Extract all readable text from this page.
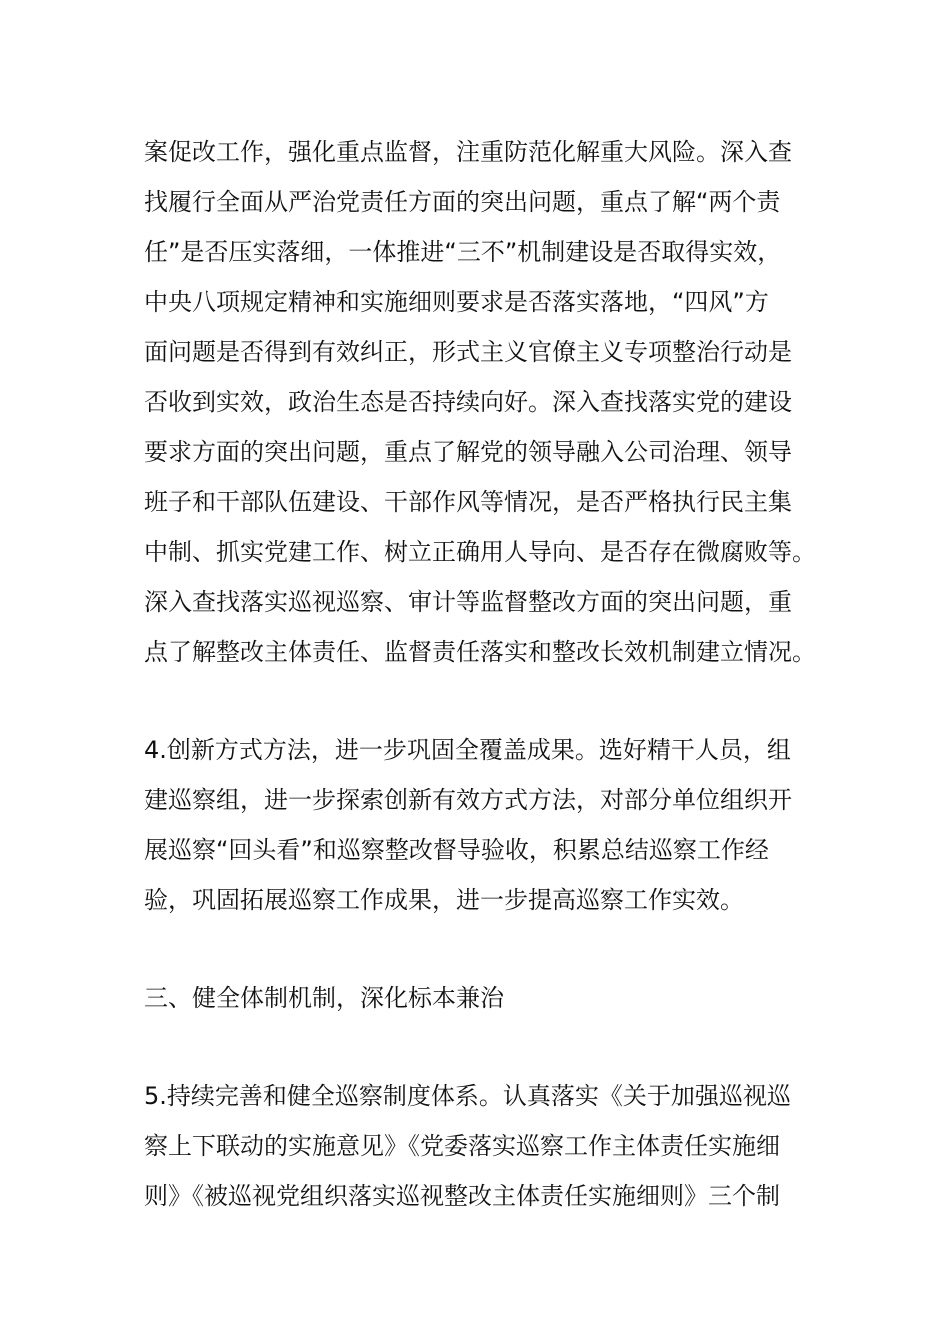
案促改工作，强化重点监督，注重防范化解重大风险。深入查
找履行全面从严治党责任方面的突出问题，重点了解“两个责
任”是否压实落细，一体推进“三不”机制建设是否取得实效，
中央八项规定精神和实施细则要求是否落实落地，“四风”方
面问题是否得到有效纠正，形式主义官僚主义专项整治行动是
否收到实效，政治生态是否持续向好。深入查找落实党的建设
要求方面的突出问题，重点了解党的领导融入公司治理、领导
班子和干部队伍建设、干部作风等情况，是否严格执行民主集
中制、抓实党建工作、树立正确用人导向、是否存在微腐败等。
深入查找落实巡视巡察、审计等监督整改方面的突出问题，重
点了解整改主体责任、监督责任落实和整改长效机制建立情况。
4.创新方式方法，进一步巩固全覆盖成果。选好精干人员，组
建巡察组，进一步探索创新有效方式方法，对部分单位组织开
展巡察“回头看”和巡察整改督导验收，积累总结巡察工作经
验，巩固拓展巡察工作成果，进一步提高巡察工作实效。
三、健全体制机制，深化标本兼治
5.持续完善和健全巡察制度体系。认真落实《关于加强巡视巡
察上下联动的实施意见》《党委落实巡察工作主体责任实施细
则》《被巡视党组织落实巡视整改主体责任实施细则》三个制
